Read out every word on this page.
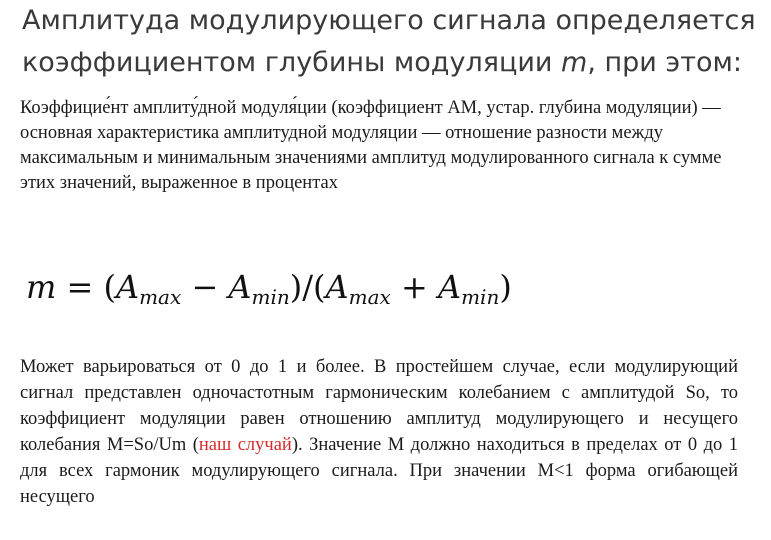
Амплитуда модулирующего сигнала определяется коэффициентом глубины модуляции m, при этом:

Коэффицие́нт амплиту́дной модуля́ции (коэффициент АМ, устар. глубина модуляции) — основная характеристика амплитудной модуляции — отношение разности между максимальным и минимальным значениями амплитуд модулированного сигнала к сумме этих значений, выраженное в процентах

$m = (A_{max} - A_{min})/(A_{max} + A_{min})$

Может варьироваться от 0 до 1 и более. В простейшем случае, если модулирующий сигнал представлен одночастотным гармоническим колебанием с амплитудой So, то коэффициент модуляции равен отношению амплитуд модулирующего и несущего колебания M=So/Um (наш случай). Значение M должно находиться в пределах от 0 до 1 для всех гармоник модулирующего сигнала. При значении M<1 форма огибающей несущего
